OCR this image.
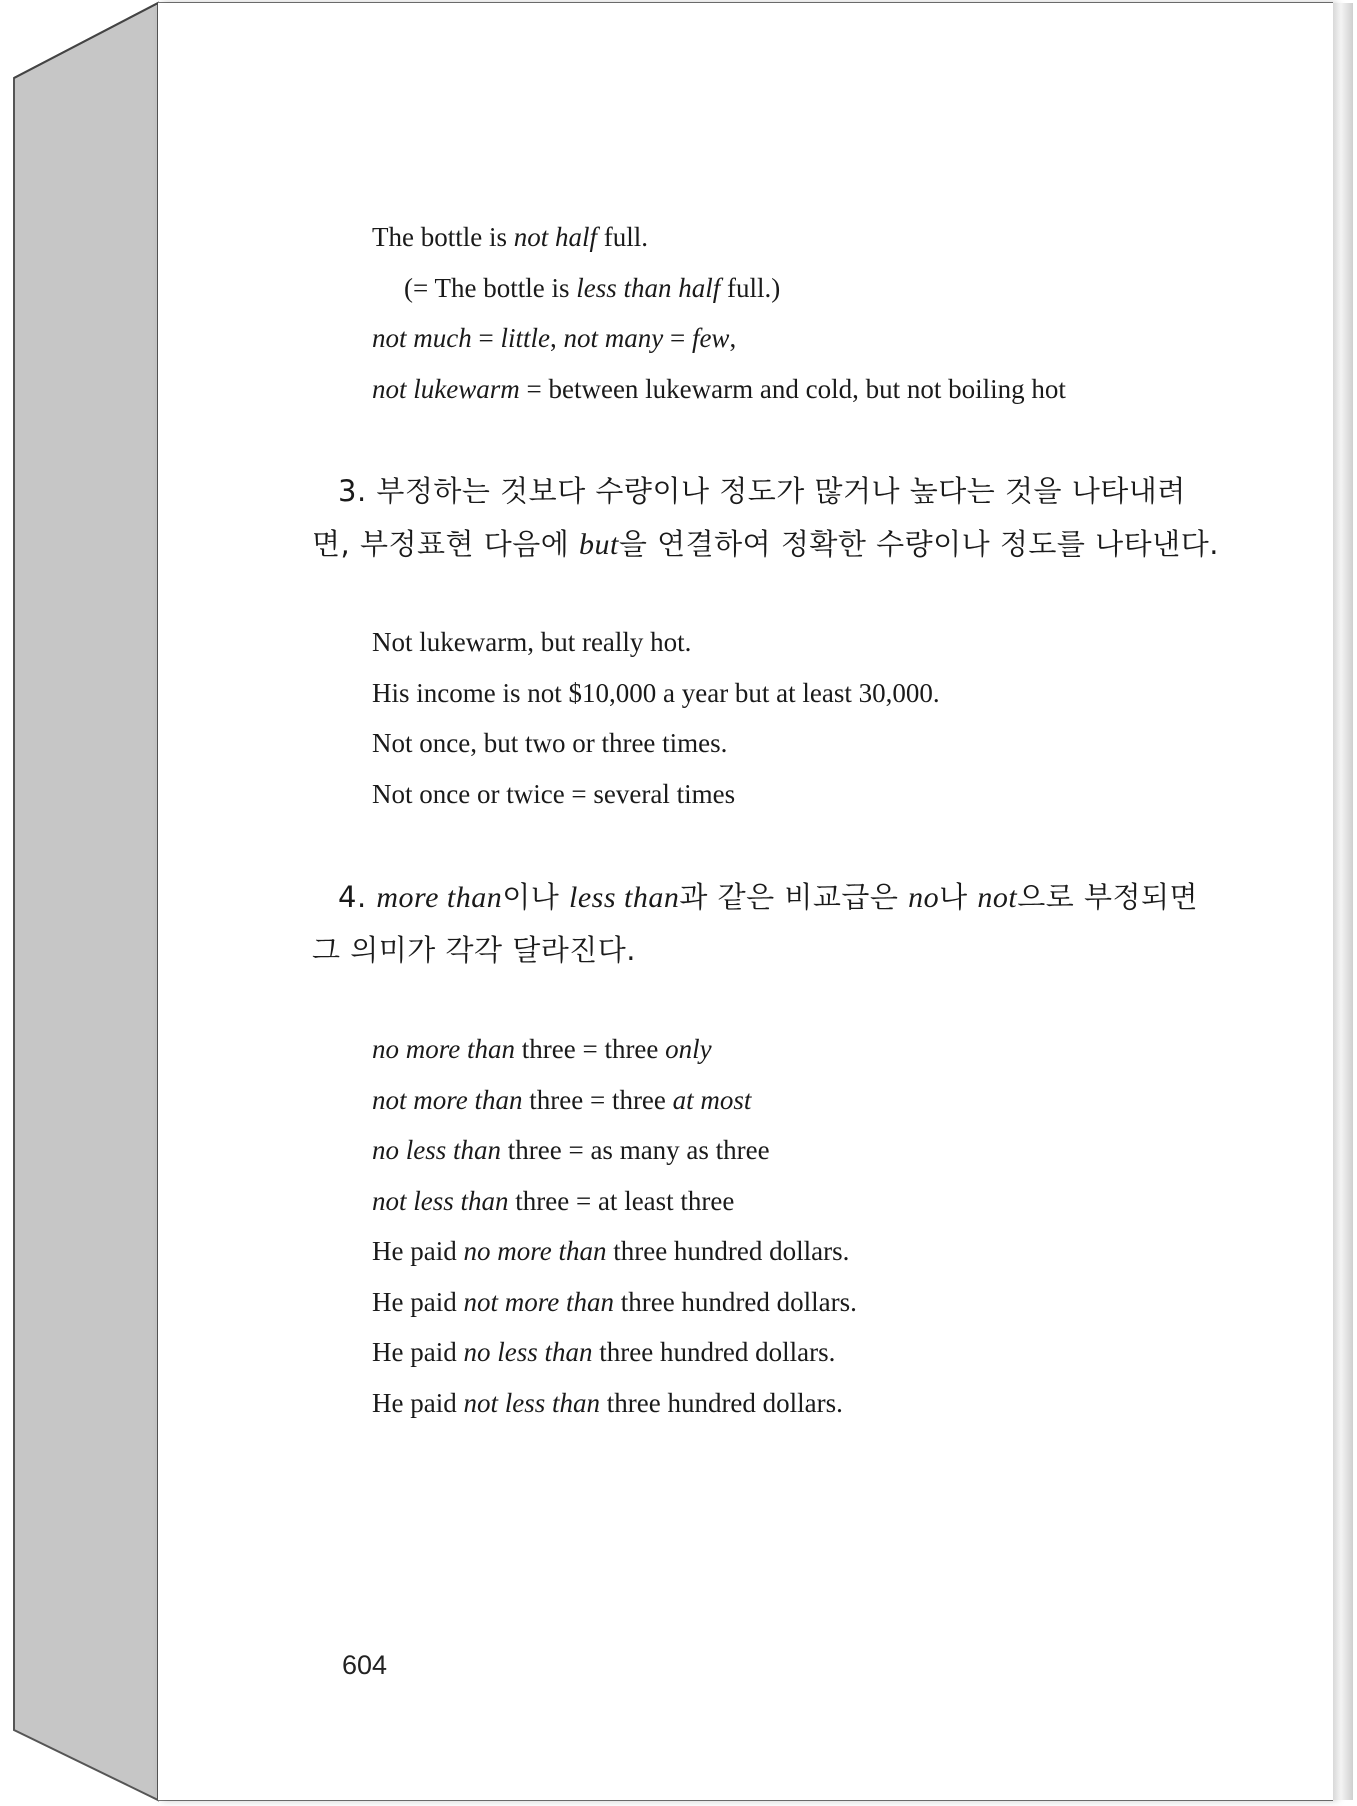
The bottle is not half full.
(= The bottle is less than half full.)
not much = little, not many = few,
not lukewarm = between lukewarm and cold, but not boiling hot
3. 부정하는 것보다 수량이나 정도가 많거나 높다는 것을 나타내려
면, 부정표현 다음에 but을 연결하여 정확한 수량이나 정도를 나타낸다.
Not lukewarm, but really hot.
His income is not $10,000 a year but at least 30,000.
Not once, but two or three times.
Not once or twice = several times
4. more than이나 less than과 같은 비교급은 no나 not으로 부정되면
그 의미가 각각 달라진다.
no more than three = three only
not more than three = three at most
no less than three = as many as three
not less than three = at least three
He paid no more than three hundred dollars.
He paid not more than three hundred dollars.
He paid no less than three hundred dollars.
He paid not less than three hundred dollars.
604
